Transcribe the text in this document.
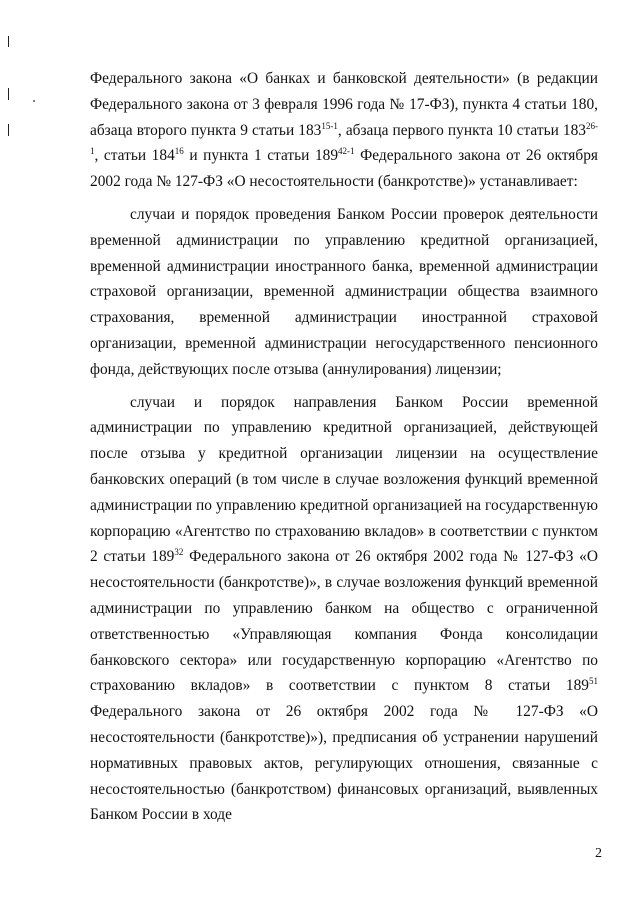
Федерального закона «О банках и банковской деятельности» (в редакции Федерального закона от 3 февраля 1996 года № 17-ФЗ), пункта 4 статьи 180, абзаца второго пункта 9 статьи 183$^{15-1}$, абзаца первого пункта 10 статьи 183$^{26-1}$, статьи $184^{16}$ и пункта 1 статьи 189$^{42-1}$ Федерального закона от 26 октября 2002 года № 127-ФЗ «О несостоятельности (банкротстве)» устанавливает:

случаи и порядок проведения Банком России проверок деятельности временной администрации по управлению кредитной организацией, временной администрации иностранного банка, временной администрации страховой организации, временной администрации общества взаимного страхования, временной администрации иностранной страховой организации, временной администрации негосударственного пенсионного фонда, действующих после отзыва (аннулирования) лицензии;

случаи и порядок направления Банком России временной администрации по управлению кредитной организацией, действующей после отзыва у кредитной организации лицензии на осуществление банковских операций (в том числе в случае возложения функций временной администрации по управлению кредитной организацией на государственную корпорацию «Агентство по страхованию вкладов» в соответствии с пунктом 2 статьи $189^{32}$ Федерального закона от 26 октября 2002 года № 127-ФЗ «О несостоятельности (банкротстве)», в случае возложения функций временной администрации по управлению банком на общество с ограниченной ответственностью «Управляющая компания Фонда консолидации банковского сектора» или государственную корпорацию «Агентство по страхованию вкладов» в соответствии с пунктом 8 статьи $189^{51}$ Федерального закона от 26 октября 2002 года № 127-ФЗ «О несостоятельности (банкротстве)»), предписания об устранении нарушений нормативных правовых актов, регулирующих отношения, связанные с несостоятельностью (банкротством) финансовых организаций, выявленных Банком России в ходе

2
